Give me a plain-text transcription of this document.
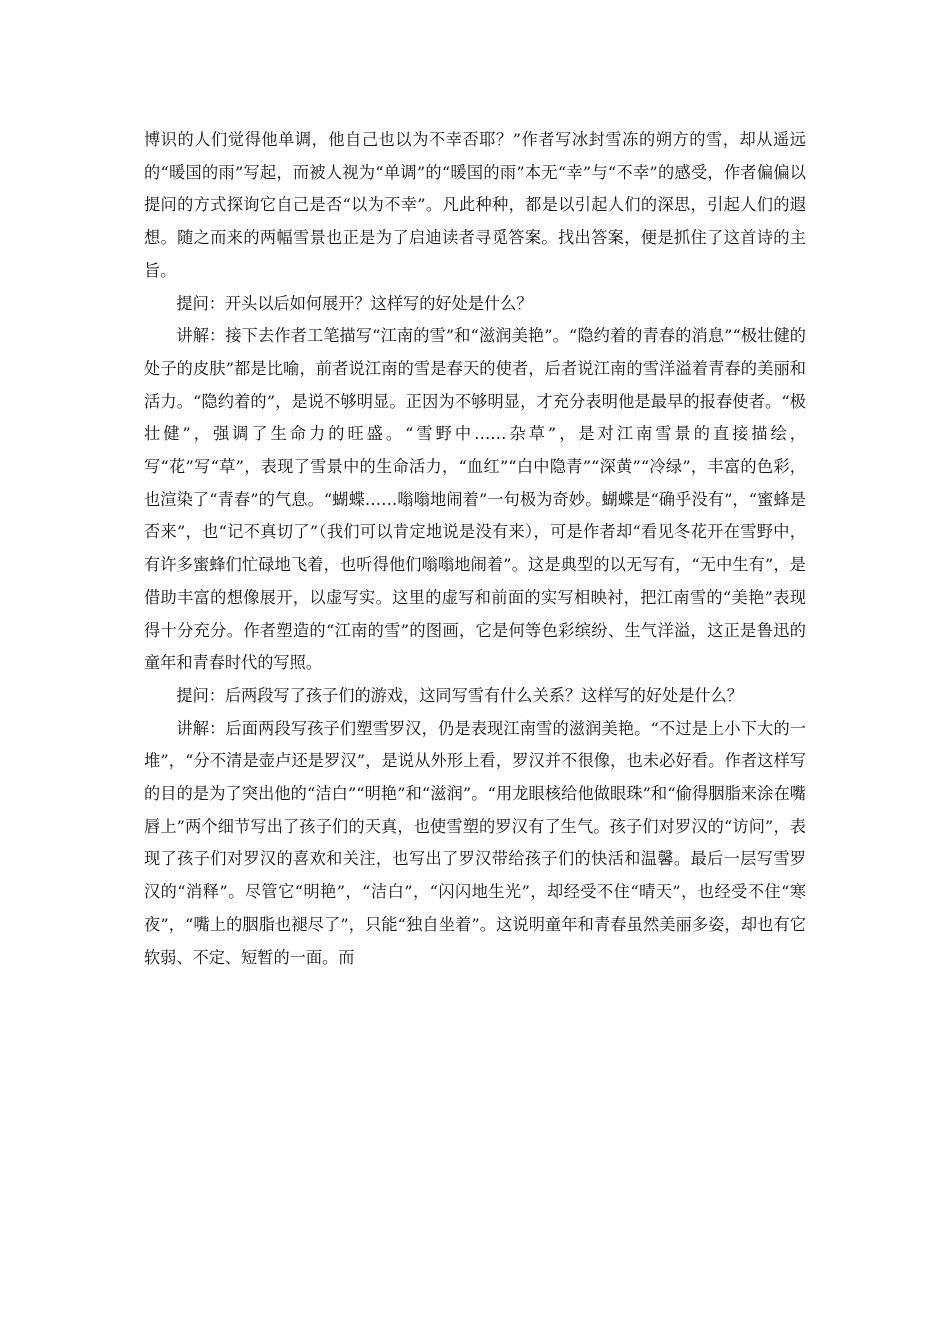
博识的人们觉得他单调，他自己也以为不幸否耶？”作者写冰封雪冻的朔方的雪，却从遥远的“暖国的雨”写起，而被人视为“单调”的“暖国的雨”本无“幸”与“不幸”的感受，作者偏偏以提问的方式探询它自己是否“以为不幸”。凡此种种，都是以引起人们的深思，引起人们的遐想。随之而来的两幅雪景也正是为了启迪读者寻觅答案。找出答案，便是抓住了这首诗的主旨。

提问：开头以后如何展开？这样写的好处是什么？

讲解：接下去作者工笔描写“江南的雪”和“滋润美艳”。“隐约着的青春的消息”“极壮健的处子的皮肤”都是比喻，前者说江南的雪是春天的使者，后者说江南的雪洋溢着青春的美丽和活力。“隐约着的”，是说不够明显。正因为不够明显，才充分表明他是最早的报春使者。“极壮健”，强调了生命力的旺盛。“雪野中……杂草”，是对江南雪景的直接描绘，写“花”写“草”，表现了雪景中的生命活力，“血红”“白中隐青”“深黄”“冷绿”，丰富的色彩，也渲染了“青春”的气息。“蝴蝶……嗡嗡地闹着”一句极为奇妙。蝴蝶是“确乎没有”，“蜜蜂是否来”，也“记不真切了”（我们可以肯定地说是没有来），可是作者却“看见冬花开在雪野中，有许多蜜蜂们忙碌地飞着，也听得他们嗡嗡地闹着”。这是典型的以无写有，“无中生有”，是借助丰富的想像展开，以虚写实。这里的虚写和前面的实写相映衬，把江南雪的“美艳”表现得十分充分。作者塑造的“江南的雪”的图画，它是何等色彩缤纷、生气洋溢，这正是鲁迅的童年和青春时代的写照。

提问：后两段写了孩子们的游戏，这同写雪有什么关系？这样写的好处是什么？

讲解：后面两段写孩子们塑雪罗汉，仍是表现江南雪的滋润美艳。“不过是上小下大的一堆”，“分不清是壶卢还是罗汉”，是说从外形上看，罗汉并不很像，也未必好看。作者这样写的目的是为了突出他的“洁白”“明艳”和“滋润”。“用龙眼核给他做眼珠”和“偷得胭脂来涂在嘴唇上”两个细节写出了孩子们的天真，也使雪塑的罗汉有了生气。孩子们对罗汉的“访问”，表现了孩子们对罗汉的喜欢和关注，也写出了罗汉带给孩子们的快活和温馨。最后一层写雪罗汉的“消释”。尽管它“明艳”，“洁白”，“闪闪地生光”，却经受不住“晴天”，也经受不住“寒夜”，“嘴上的胭脂也褪尽了”，只能“独自坐着”。这说明童年和青春虽然美丽多姿，却也有它软弱、不定、短暂的一面。而
